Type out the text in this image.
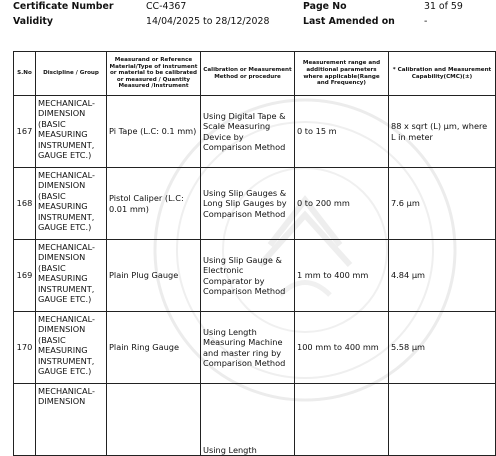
Certificate Number	CC-4367	Page No	31 of 59
Validity	14/04/2025 to 28/12/2028	Last Amended on	-
S.No	Discipline / Group	Measurand or Reference Material/Type of instrument or material to be calibrated or measured / Quantity Measured /Instrument	Calibration or Measurement Method or procedure	Measurement range and additional parameters where applicable(Range and Frequency)	* Calibration and Measurement Capability(CMC)(±)
167	MECHANICAL- DIMENSION (BASIC MEASURING INSTRUMENT, GAUGE ETC.)	Pi Tape (L.C: 0.1 mm)	Using Digital Tape & Scale Measuring Device by Comparison Method	0 to 15 m	88 x sqrt (L) µm, where L in meter
168	MECHANICAL- DIMENSION (BASIC MEASURING INSTRUMENT, GAUGE ETC.)	Pistol Caliper (L.C: 0.01 mm)	Using Slip Gauges & Long Slip Gauges by Comparison Method	0 to 200 mm	7.6 µm
169	MECHANICAL- DIMENSION (BASIC MEASURING INSTRUMENT, GAUGE ETC.)	Plain Plug Gauge	Using Slip Gauge & Electronic Comparator by Comparison Method	1 mm to 400 mm	4.84 µm
170	MECHANICAL- DIMENSION (BASIC MEASURING INSTRUMENT, GAUGE ETC.)	Plain Ring Gauge	Using Length Measuring Machine and master ring by Comparison Method	100 mm to 400 mm	5.58 µm
	MECHANICAL- DIMENSION		Using Length		
